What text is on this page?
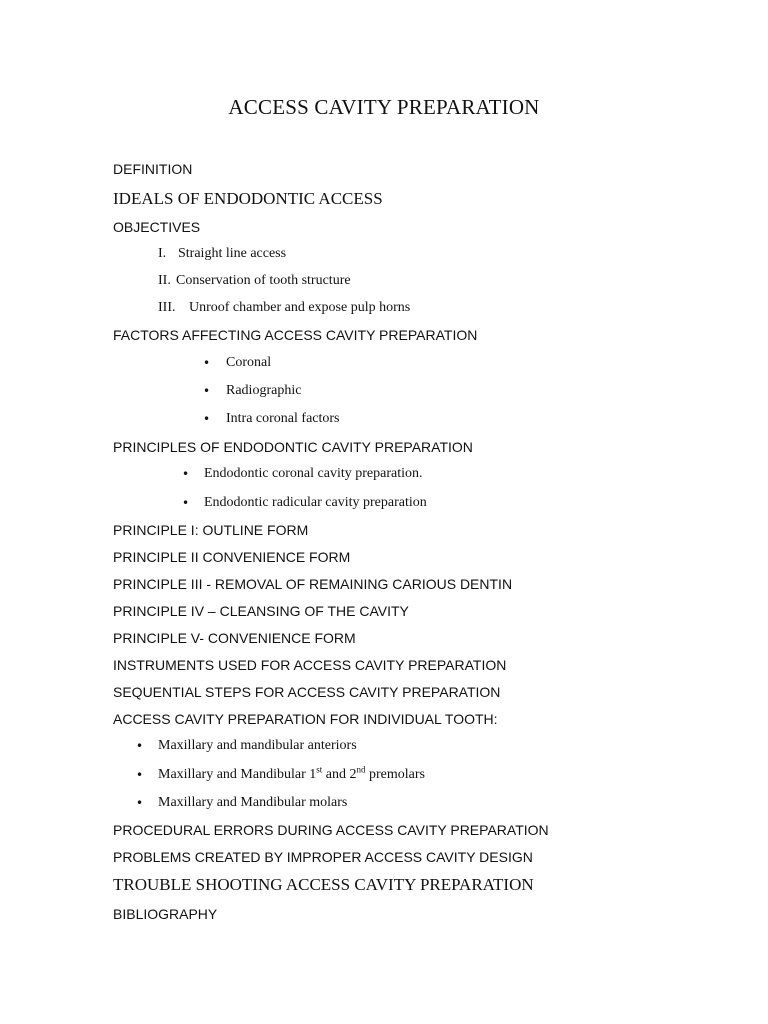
ACCESS CAVITY PREPARATION
DEFINITION
IDEALS OF ENDODONTIC ACCESS
OBJECTIVES
I. Straight line access
II. Conservation of tooth structure
III. Unroof chamber and expose pulp horns
FACTORS AFFECTING ACCESS CAVITY PREPARATION
• Coronal
• Radiographic
• Intra coronal factors
PRINCIPLES OF ENDODONTIC CAVITY PREPARATION
• Endodontic coronal cavity preparation.
• Endodontic radicular cavity preparation
PRINCIPLE I: OUTLINE FORM
PRINCIPLE II CONVENIENCE FORM
PRINCIPLE III - REMOVAL OF REMAINING CARIOUS DENTIN
PRINCIPLE IV – CLEANSING OF THE CAVITY
PRINCIPLE V- CONVENIENCE FORM
INSTRUMENTS USED FOR ACCESS CAVITY PREPARATION
SEQUENTIAL STEPS FOR ACCESS CAVITY PREPARATION
ACCESS CAVITY PREPARATION FOR INDIVIDUAL TOOTH:
• Maxillary and mandibular anteriors
• Maxillary and Mandibular 1st and 2nd premolars
• Maxillary and Mandibular molars
PROCEDURAL ERRORS DURING ACCESS CAVITY PREPARATION
PROBLEMS CREATED BY IMPROPER ACCESS CAVITY DESIGN
TROUBLE SHOOTING ACCESS CAVITY PREPARATION
BIBLIOGRAPHY
